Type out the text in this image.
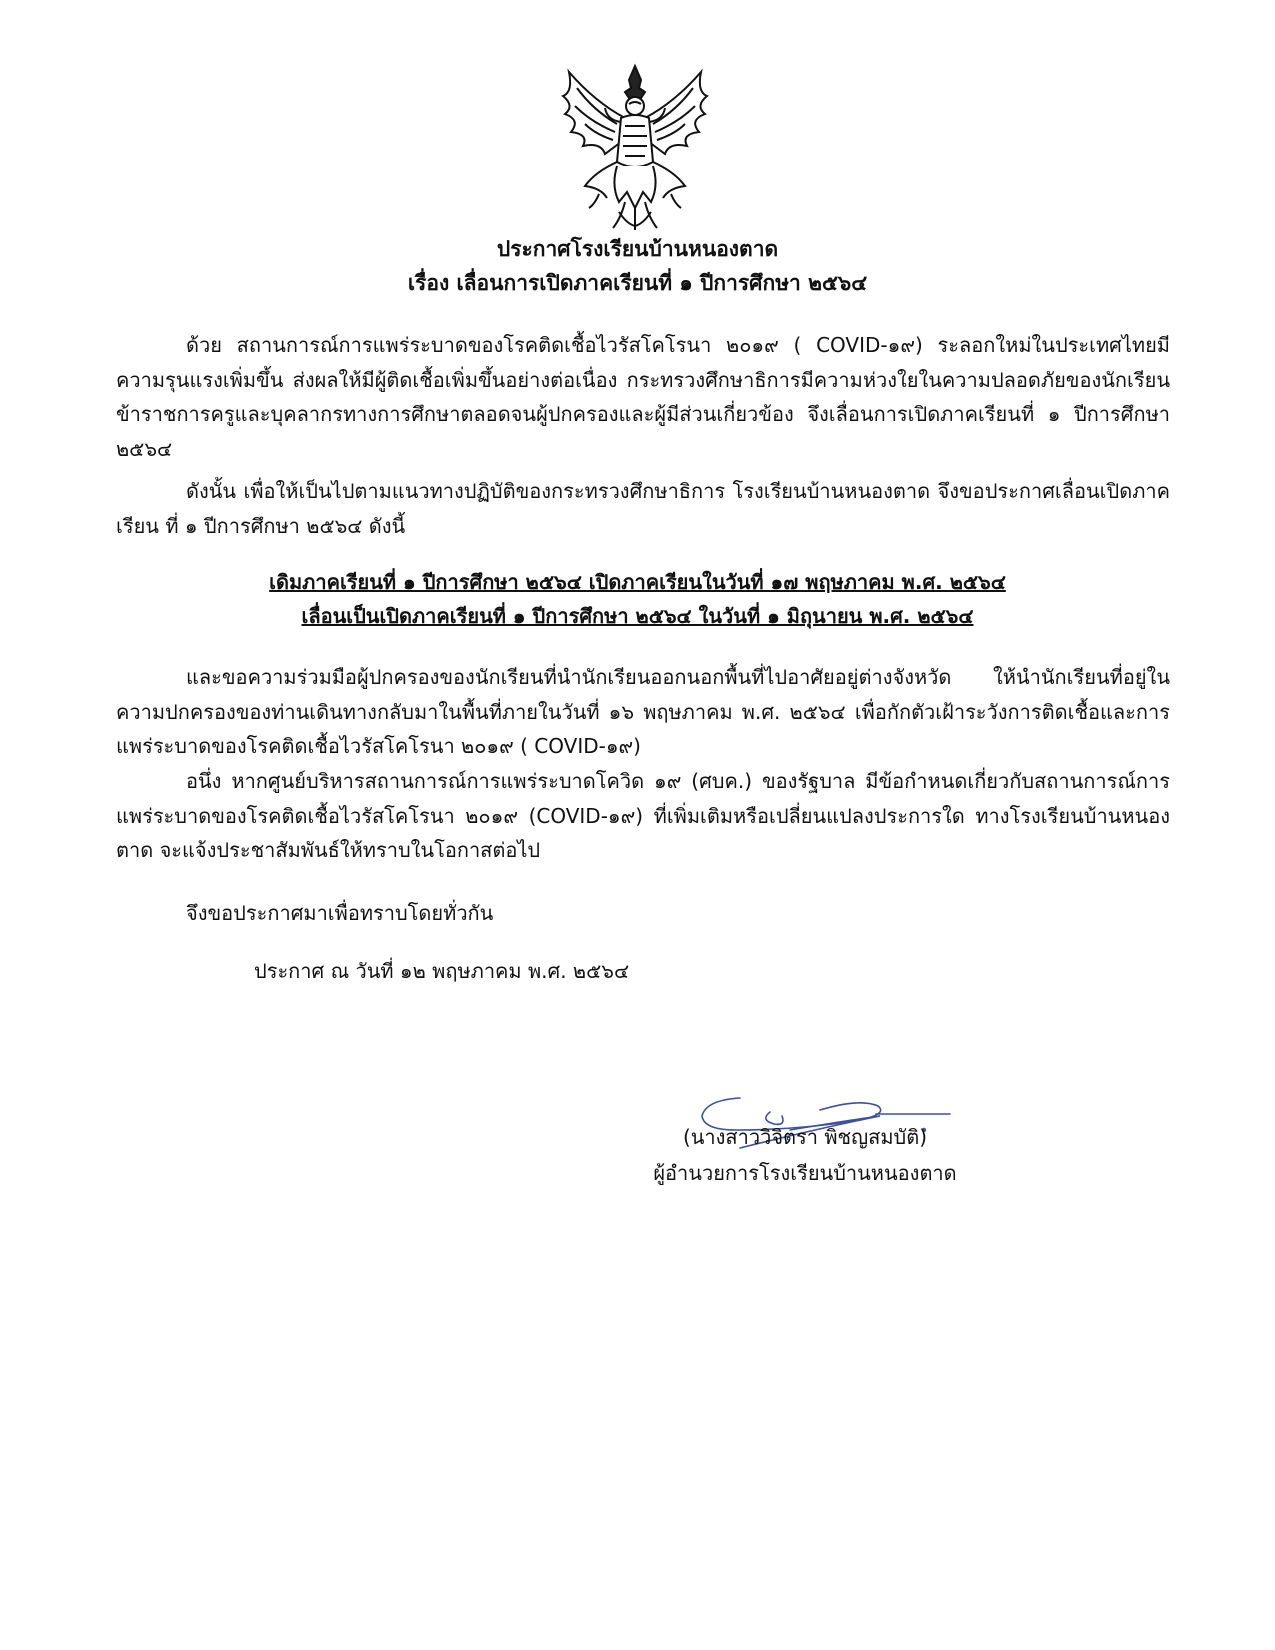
ประกาศโรงเรียนบ้านหนองตาด
เรื่อง เลื่อนการเปิดภาคเรียนที่ ๑ ปีการศึกษา ๒๕๖๔

ด้วย สถานการณ์การแพร่ระบาดของโรคติดเชื้อไวรัสโคโรนา ๒๐๑๙ ( COVID-๑๙) ระลอกใหม่ในประเทศไทยมีความรุนแรงเพิ่มขึ้น ส่งผลให้มีผู้ติดเชื้อเพิ่มขึ้นอย่างต่อเนื่อง กระทรวงศึกษาธิการมีความห่วงใยในความปลอดภัยของนักเรียน ข้าราชการครูและบุคลากรทางการศึกษาตลอดจนผู้ปกครองและผู้มีส่วนเกี่ยวข้อง จึงเลื่อนการเปิดภาคเรียนที่ ๑ ปีการศึกษา ๒๕๖๔

ดังนั้น เพื่อให้เป็นไปตามแนวทางปฏิบัติของกระทรวงศึกษาธิการ โรงเรียนบ้านหนองตาด จึงขอประกาศเลื่อนเปิดภาคเรียน ที่ ๑ ปีการศึกษา ๒๕๖๔ ดังนี้

เดิมภาคเรียนที่ ๑ ปีการศึกษา ๒๕๖๔ เปิดภาคเรียนในวันที่ ๑๗ พฤษภาคม พ.ศ. ๒๕๖๔
เลื่อนเป็นเปิดภาคเรียนที่ ๑ ปีการศึกษา ๒๕๖๔ ในวันที่ ๑ มิถุนายน พ.ศ. ๒๕๖๔

และขอความร่วมมือผู้ปกครองของนักเรียนที่นำนักเรียนออกนอกพื้นที่ไปอาศัยอยู่ต่างจังหวัด ให้นำนักเรียนที่อยู่ในความปกครองของท่านเดินทางกลับมาในพื้นที่ภายในวันที่ ๑๖ พฤษภาคม พ.ศ. ๒๕๖๔ เพื่อกักตัวเฝ้าระวังการติดเชื้อและการแพร่ระบาดของโรคติดเชื้อไวรัสโคโรนา ๒๐๑๙ ( COVID-๑๙)

อนึ่ง หากศูนย์บริหารสถานการณ์การแพร่ระบาดโควิด ๑๙ (ศบค.) ของรัฐบาล มีข้อกำหนดเกี่ยวกับสถานการณ์การแพร่ระบาดของโรคติดเชื้อไวรัสโคโรนา ๒๐๑๙ (COVID-๑๙) ที่เพิ่มเติมหรือเปลี่ยนแปลงประการใด ทางโรงเรียนบ้านหนองตาด จะแจ้งประชาสัมพันธ์ให้ทราบในโอกาสต่อไป

จึงขอประกาศมาเพื่อทราบโดยทั่วกัน
ประกาศ ณ วันที่ ๑๒ พฤษภาคม พ.ศ. ๒๕๖๔
(นางสาววิจิตรา พิชญสมบัติ)
ผู้อำนวยการโรงเรียนบ้านหนองตาด
